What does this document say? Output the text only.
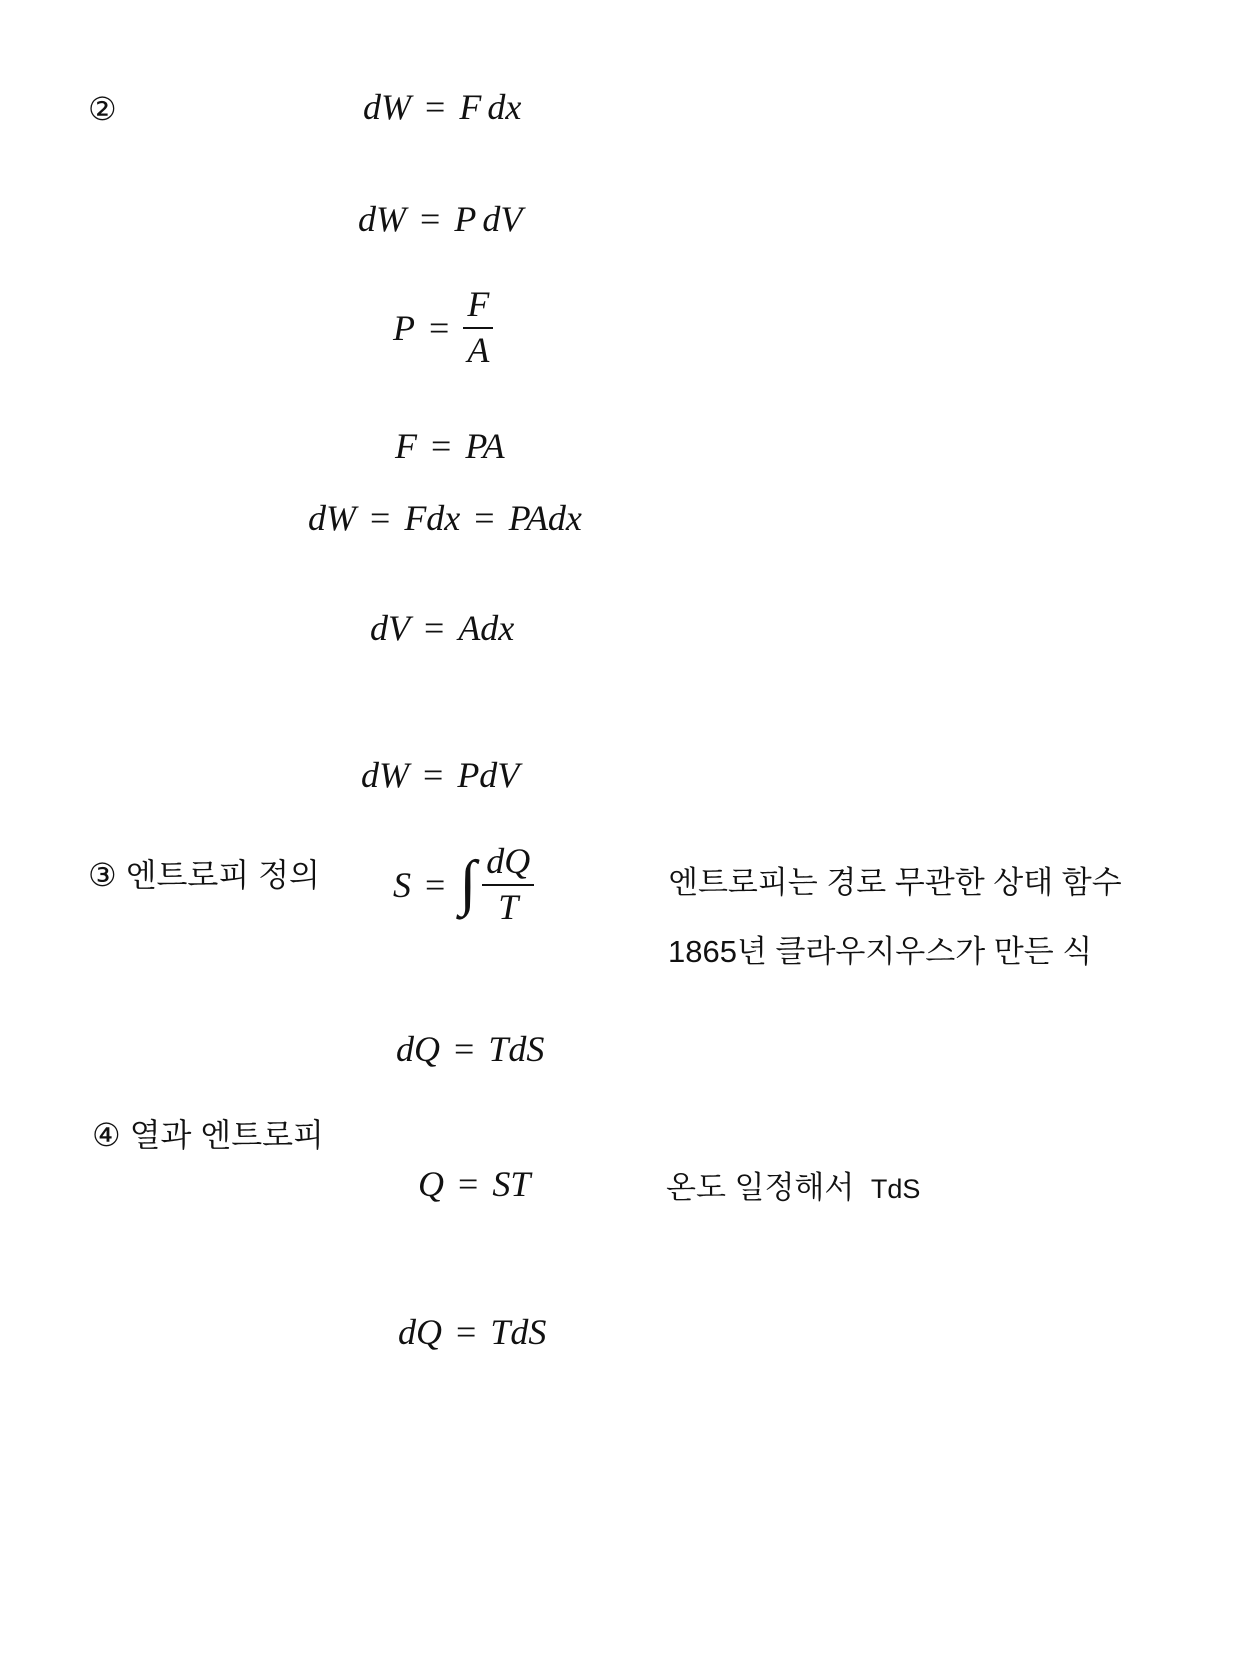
②
③ 엔트로피 정의
④ 열과 엔트로피
dW = F dx
dW = P dV
$P = \frac{F}{A}$
F = PA
dW = Fdx = PAdx
dV = Adx
dW = PdV
S = ∫ $\frac{dQ}{T}$
dQ = TdS
Q = ST
dQ = TdS
엔트로피는 경로 무관한 상태 함수
1865년 클라우지우스가 만든 식
온도 일정해서 TdS
